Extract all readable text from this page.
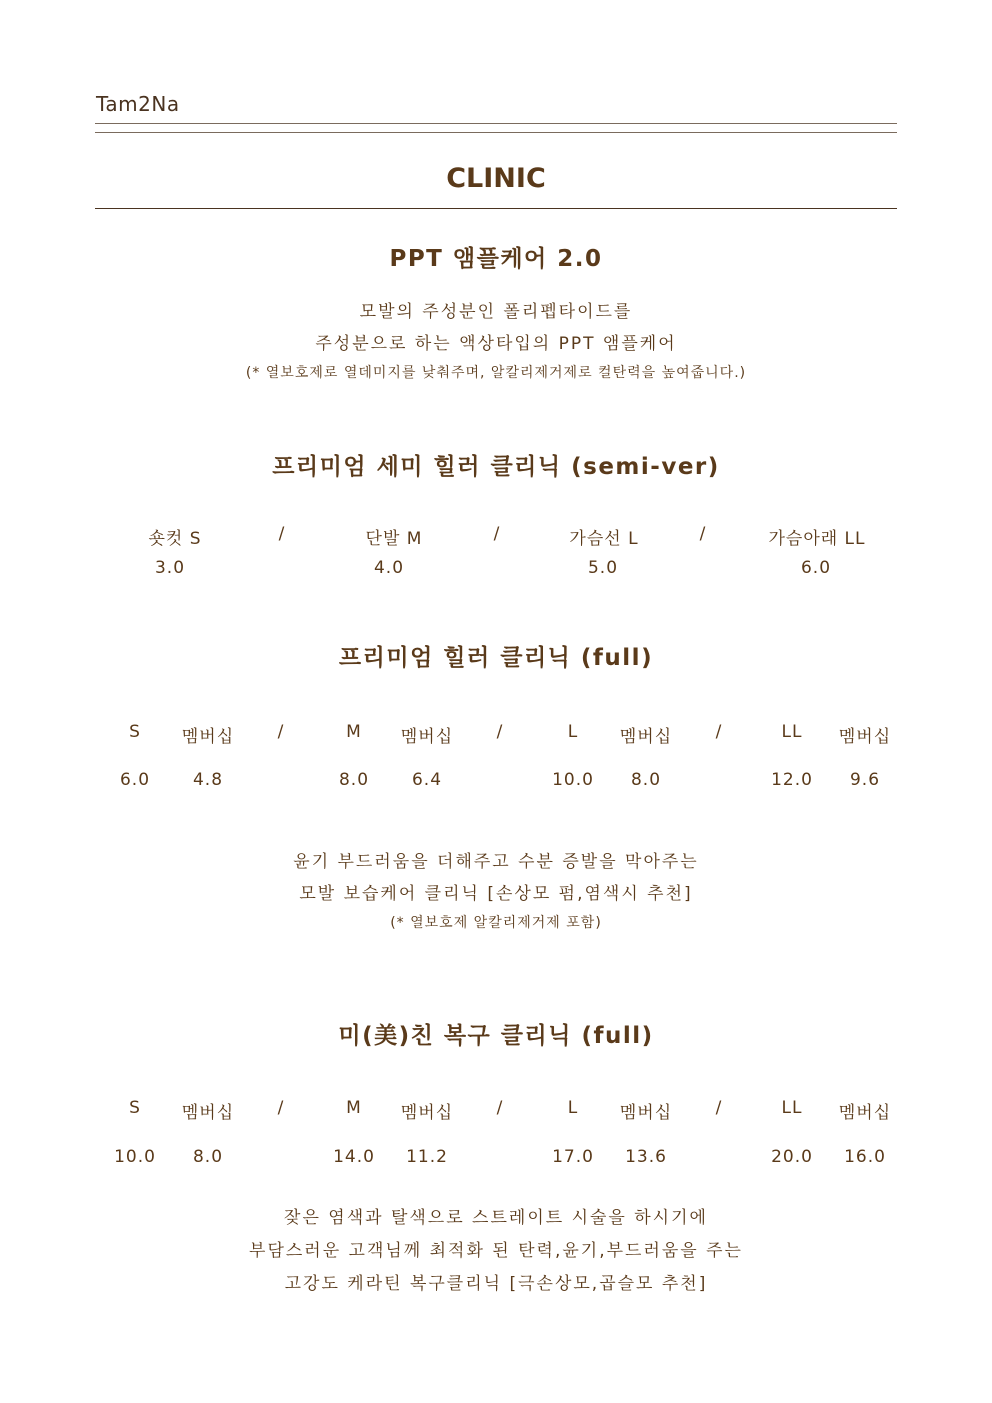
Tam2Na
CLINIC
PPT 앰플케어 2.0
모발의 주성분인 폴리펩타이드를
주성분으로 하는 액상타입의 PPT 앰플케어
(* 열보호제로 열데미지를 낮춰주며, 알칼리제거제로 컬탄력을 높여줍니다.)
프리미엄 세미 힐러 클리닉 (semi-ver)
숏컷 S	/	단발 M	/	가슴선 L	/	가슴아래 LL
3.0	4.0	5.0	6.0
프리미엄 힐러 클리닉 (full)
S	멤버십	/	M	멤버십	/	L	멤버십	/	LL	멤버십
6.0	4.8	8.0	6.4	10.0	8.0	12.0	9.6
윤기 부드러움을 더해주고 수분 증발을 막아주는
모발 보습케어 클리닉 [손상모 펌,염색시 추천]
(* 열보호제 알칼리제거제 포함)
미(美)친 복구 클리닉 (full)
S	멤버십	/	M	멤버십	/	L	멤버십	/	LL	멤버십
10.0	8.0	14.0	11.2	17.0	13.6	20.0	16.0
잦은 염색과 탈색으로 스트레이트 시술을 하시기에
부담스러운 고객님께 최적화 된 탄력,윤기,부드러움을 주는
고강도 케라틴 복구클리닉 [극손상모,곱슬모 추천]
